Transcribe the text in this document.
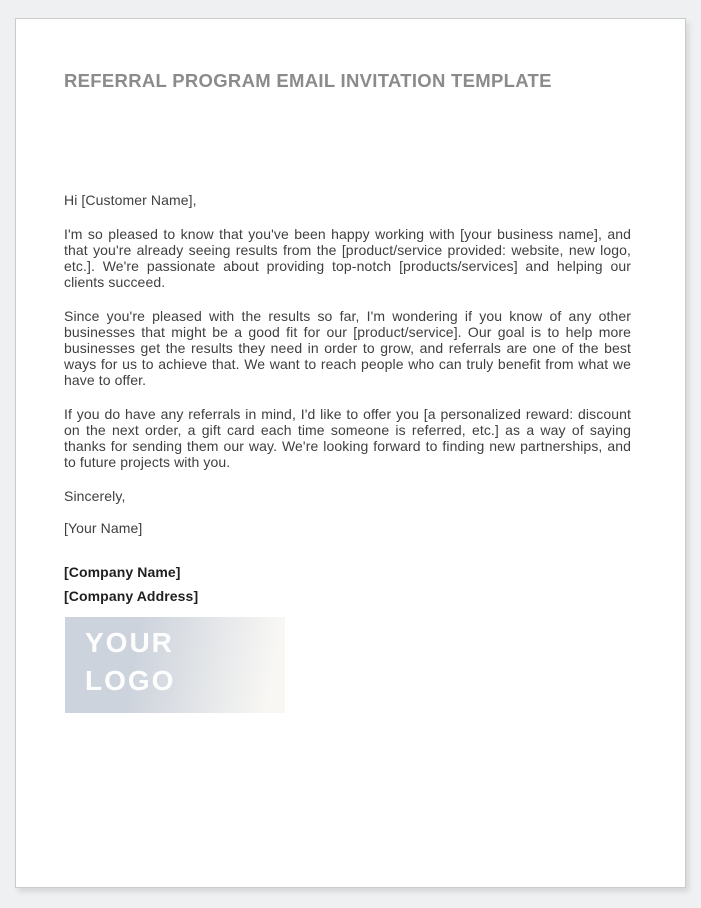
REFERRAL PROGRAM EMAIL INVITATION TEMPLATE

Hi [Customer Name],

I'm so pleased to know that you've been happy working with [your business name], and that you're already seeing results from the [product/service provided: website, new logo, etc.]. We're passionate about providing top-notch [products/services] and helping our clients succeed.

Since you're pleased with the results so far, I'm wondering if you know of any other businesses that might be a good fit for our [product/service]. Our goal is to help more businesses get the results they need in order to grow, and referrals are one of the best ways for us to achieve that. We want to reach people who can truly benefit from what we have to offer.

If you do have any referrals in mind, I'd like to offer you [a personalized reward: discount on the next order, a gift card each time someone is referred, etc.] as a way of saying thanks for sending them our way. We're looking forward to finding new partnerships, and to future projects with you.

Sincerely,

[Your Name]

[Company Name]

[Company Address]

YOUR
LOGO
